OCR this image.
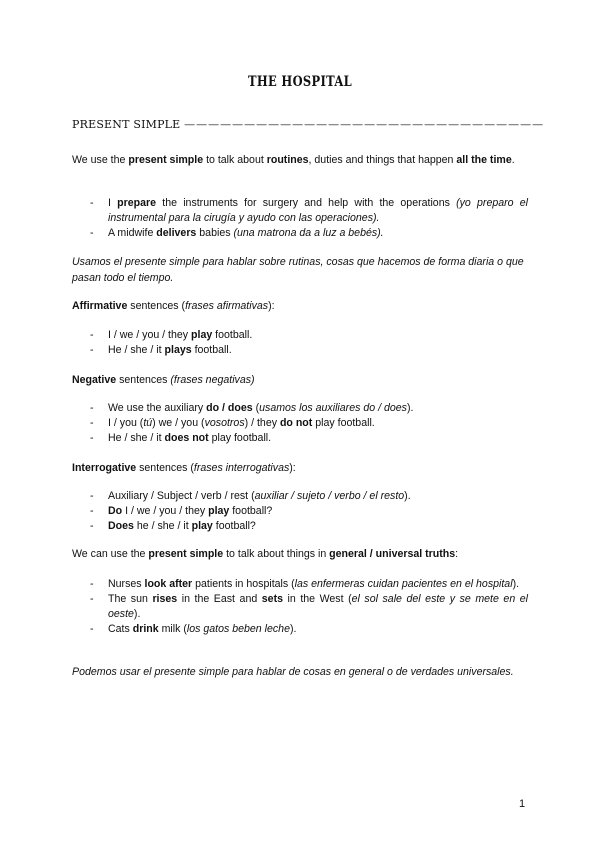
THE HOSPITAL
PRESENT SIMPLE ——————————————————————————————
We use the present simple to talk about routines, duties and things that happen all the time.
- I prepare the instruments for surgery and help with the operations (yo preparo el instrumental para la cirugía y ayudo con las operaciones).
- A midwife delivers babies (una matrona da a luz a bebés).
Usamos el presente simple para hablar sobre rutinas, cosas que hacemos de forma diaria o que pasan todo el tiempo.
Affirmative sentences (frases afirmativas):
- I / we / you / they play football.
- He / she / it plays football.
Negative sentences (frases negativas)
- We use the auxiliary do / does (usamos los auxiliares do / does).
- I / you (tú) we / you (vosotros) / they do not play football.
- He / she / it does not play football.
Interrogative sentences (frases interrogativas):
- Auxiliary / Subject / verb / rest (auxiliar / sujeto / verbo / el resto).
- Do I / we / you / they play football?
- Does he / she / it play football?
We can use the present simple to talk about things in general / universal truths:
- Nurses look after patients in hospitals (las enfermeras cuidan pacientes en el hospital).
- The sun rises in the East and sets in the West (el sol sale del este y se mete en el oeste).
- Cats drink milk (los gatos beben leche).
Podemos usar el presente simple para hablar de cosas en general o de verdades universales.
1
